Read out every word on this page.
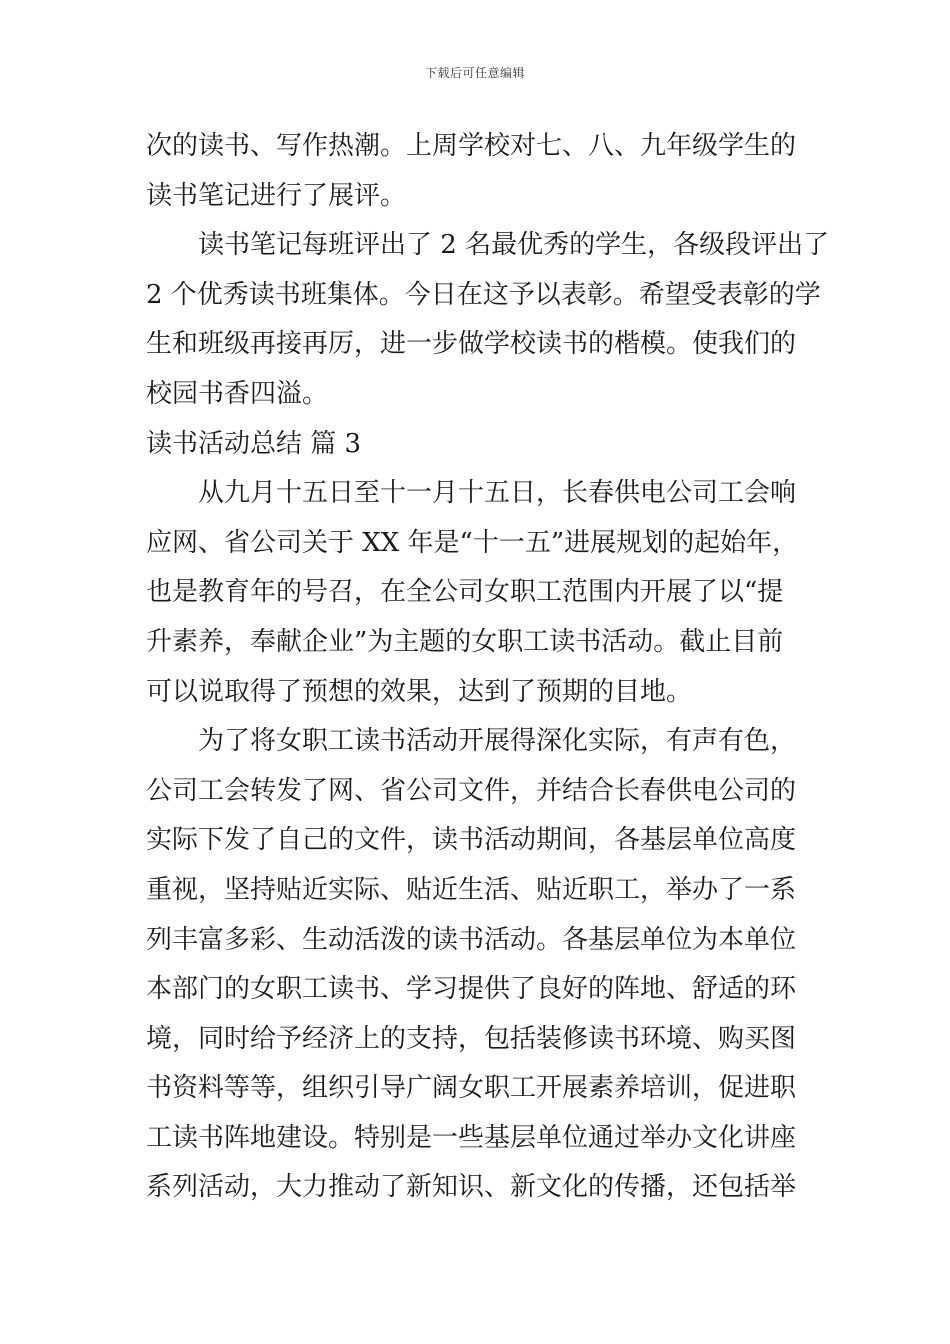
下载后可任意编辑
次的读书、写作热潮。上周学校对七、八、九年级学生的
读书笔记进行了展评。
读书笔记每班评出了 2 名最优秀的学生，各级段评出了
2 个优秀读书班集体。今日在这予以表彰。希望受表彰的学
生和班级再接再厉，进一步做学校读书的楷模。使我们的
校园书香四溢。
读书活动总结 篇 3
从九月十五日至十一月十五日，长春供电公司工会响
应网、省公司关于 XX 年是“十一五”进展规划的起始年，
也是教育年的号召，在全公司女职工范围内开展了以“提
升素养，奉献企业”为主题的女职工读书活动。截止目前
可以说取得了预想的效果，达到了预期的目地。
为了将女职工读书活动开展得深化实际，有声有色，
公司工会转发了网、省公司文件，并结合长春供电公司的
实际下发了自己的文件，读书活动期间，各基层单位高度
重视，坚持贴近实际、贴近生活、贴近职工，举办了一系
列丰富多彩、生动活泼的读书活动。各基层单位为本单位
本部门的女职工读书、学习提供了良好的阵地、舒适的环
境，同时给予经济上的支持，包括装修读书环境、购买图
书资料等等，组织引导广阔女职工开展素养培训，促进职
工读书阵地建设。特别是一些基层单位通过举办文化讲座
系列活动，大力推动了新知识、新文化的传播，还包括举
